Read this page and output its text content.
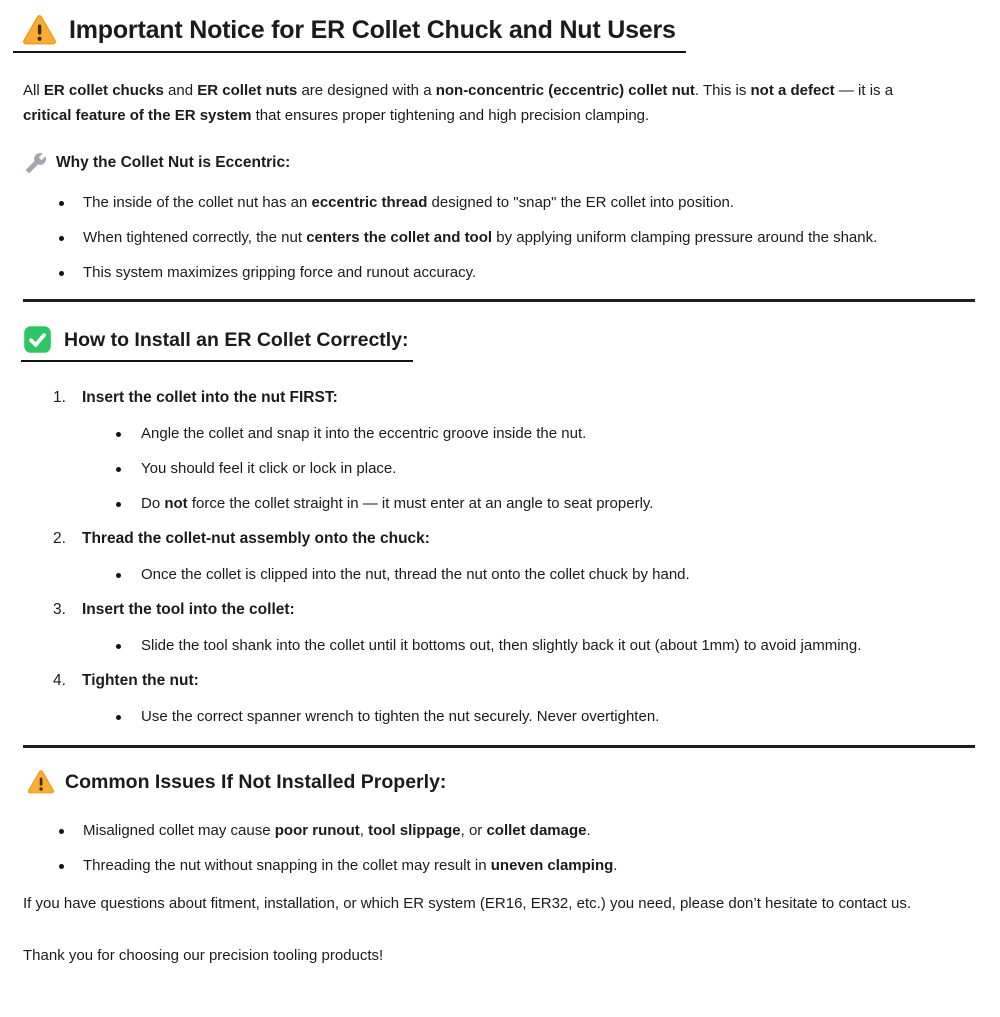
Important Notice for ER Collet Chuck and Nut Users

All ER collet chucks and ER collet nuts are designed with a non-concentric (eccentric) collet nut. This is not a defect — it is a critical feature of the ER system that ensures proper tightening and high precision clamping.

Why the Collet Nut is Eccentric:
The inside of the collet nut has an eccentric thread designed to "snap" the ER collet into position.
When tightened correctly, the nut centers the collet and tool by applying uniform clamping pressure around the shank.
This system maximizes gripping force and runout accuracy.
How to Install an ER Collet Correctly:
1.	Insert the collet into the nut FIRST:
Angle the collet and snap it into the eccentric groove inside the nut.
You should feel it click or lock in place.
Do not force the collet straight in — it must enter at an angle to seat properly.
2.	Thread the collet-nut assembly onto the chuck:
Once the collet is clipped into the nut, thread the nut onto the collet chuck by hand.
3.	Insert the tool into the collet:
Slide the tool shank into the collet until it bottoms out, then slightly back it out (about 1mm) to avoid jamming.
4.	Tighten the nut:
Use the correct spanner wrench to tighten the nut securely. Never overtighten.
Common Issues If Not Installed Properly:
Misaligned collet may cause poor runout, tool slippage, or collet damage.
Threading the nut without snapping in the collet may result in uneven clamping.

If you have questions about fitment, installation, or which ER system (ER16, ER32, etc.) you need, please don’t hesitate to contact us.

Thank you for choosing our precision tooling products!
